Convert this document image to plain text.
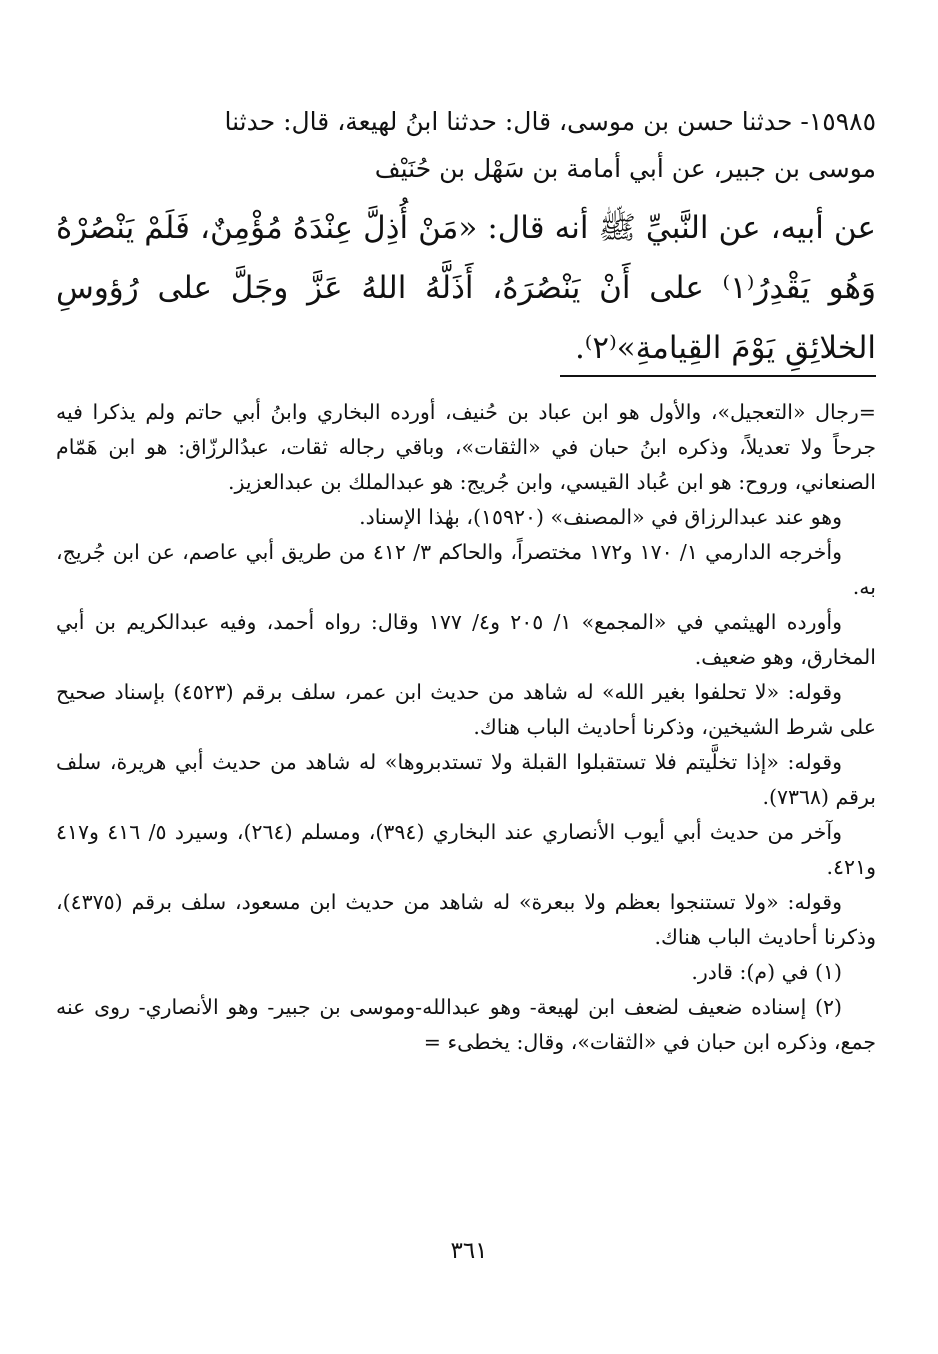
١٥٩٨٥- حدثنا حسن بن موسى، قال: حدثنا ابنُ لهيعة، قال: حدثنا

موسى بن جبير، عن أبي أمامة بن سَهْل بن حُنَيْف

عن أبيه، عن النَّبيِّ ﷺ أنه قال: «مَنْ أُذِلَّ عِنْدَهُ مُؤْمِنٌ، فَلَمْ يَنْصُرْهُ وَهُو يَقْدِرُ⁽١⁾ على أَنْ يَنْصُرَهُ، أَذَلَّهُ اللهُ عَزَّ وجَلَّ على رُؤوسِ الخلائِقِ يَوْمَ القِيامةِ»⁽٢⁾.

=رجال «التعجيل»، والأول هو ابن عباد بن حُنيف، أورده البخاري وابنُ أبي حاتم ولم يذكرا فيه جرحاً ولا تعديلاً، وذكره ابنُ حبان في «الثقات»، وباقي رجاله ثقات، عبدُالرزّاق: هو ابن هَمّام الصنعاني، وروح: هو ابن عُباد القيسي، وابن جُريج: هو عبدالملك بن عبدالعزيز.

وهو عند عبدالرزاق في «المصنف» (١٥٩٢٠)، بهٰذا الإسناد.

وأخرجه الدارمي ١/ ١٧٠ و١٧٢ مختصراً، والحاكم ٣/ ٤١٢ من طريق أبي عاصم، عن ابن جُريج، به.

وأورده الهيثمي في «المجمع» ١/ ٢٠٥ و٤/ ١٧٧ وقال: رواه أحمد، وفيه عبدالكريم بن أبي المخارق، وهو ضعيف.

وقوله: «لا تحلفوا بغير الله» له شاهد من حديث ابن عمر، سلف برقم (٤٥٢٣) بإسناد صحيح على شرط الشيخين، وذكرنا أحاديث الباب هناك.

وقوله: «إذا تخلَّيتم فلا تستقبلوا القبلة ولا تستدبروها» له شاهد من حديث أبي هريرة، سلف برقم (٧٣٦٨).

وآخر من حديث أبي أيوب الأنصاري عند البخاري (٣٩٤)، ومسلم (٢٦٤)، وسيرد ٥/ ٤١٦ و٤١٧ و٤٢١.

وقوله: «ولا تستنجوا بعظم ولا ببعرة» له شاهد من حديث ابن مسعود، سلف برقم (٤٣٧٥)، وذكرنا أحاديث الباب هناك.

(١) في (م): قادر.

(٢) إسناده ضعيف لضعف ابن لهيعة- وهو عبدالله-وموسى بن جبير- وهو الأنصاري- روى عنه جمع، وذكره ابن حبان في «الثقات»، وقال: يخطىء =

٣٦١
